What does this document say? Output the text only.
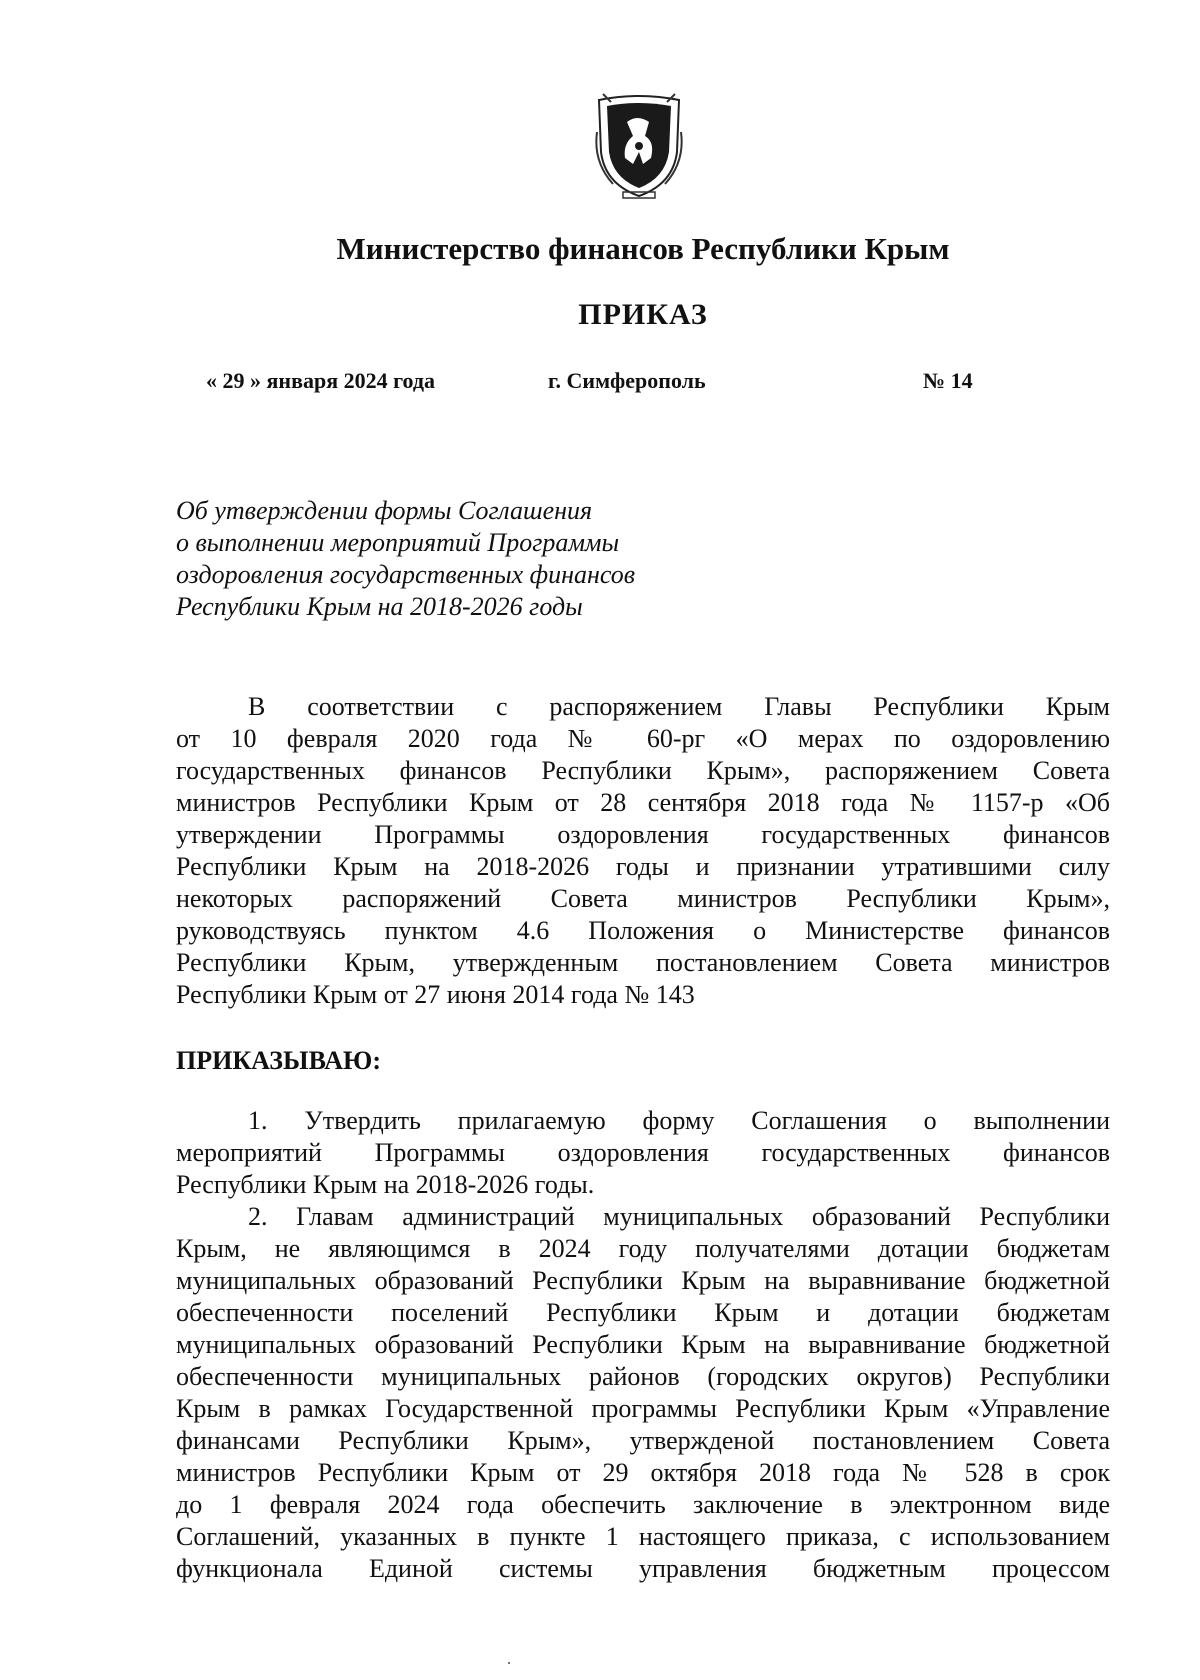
Министерство финансов Республики Крым
ПРИКАЗ
« 29 » января 2024 года	г. Симферополь	№ 14
Об утверждении формы Соглашения
о выполнении мероприятий Программы
оздоровления государственных финансов
Республики Крым на 2018-2026 годы
В соответствии с распоряжением Главы Республики Крым
от 10 февраля 2020 года № 60-рг «О мерах по оздоровлению
государственных финансов Республики Крым», распоряжением Совета
министров Республики Крым от 28 сентября 2018 года № 1157-р «Об
утверждении Программы оздоровления государственных финансов
Республики Крым на 2018-2026 годы и признании утратившими силу
некоторых распоряжений Совета министров Республики Крым»,
руководствуясь пунктом 4.6 Положения о Министерстве финансов
Республики Крым, утвержденным постановлением Совета министров
Республики Крым от 27 июня 2014 года № 143
ПРИКАЗЫВАЮ:
1. Утвердить прилагаемую форму Соглашения о выполнении
мероприятий Программы оздоровления государственных финансов
Республики Крым на 2018-2026 годы.
2. Главам администраций муниципальных образований Республики
Крым, не являющимся в 2024 году получателями дотации бюджетам
муниципальных образований Республики Крым на выравнивание бюджетной
обеспеченности поселений Республики Крым и дотации бюджетам
муниципальных образований Республики Крым на выравнивание бюджетной
обеспеченности муниципальных районов (городских округов) Республики
Крым в рамках Государственной программы Республики Крым «Управление
финансами Республики Крым», утвержденой постановлением Совета
министров Республики Крым от 29 октября 2018 года № 528 в срок
до 1 февраля 2024 года обеспечить заключение в электронном виде
Соглашений, указанных в пункте 1 настоящего приказа, с использованием
функционала Единой системы управления бюджетным процессом
